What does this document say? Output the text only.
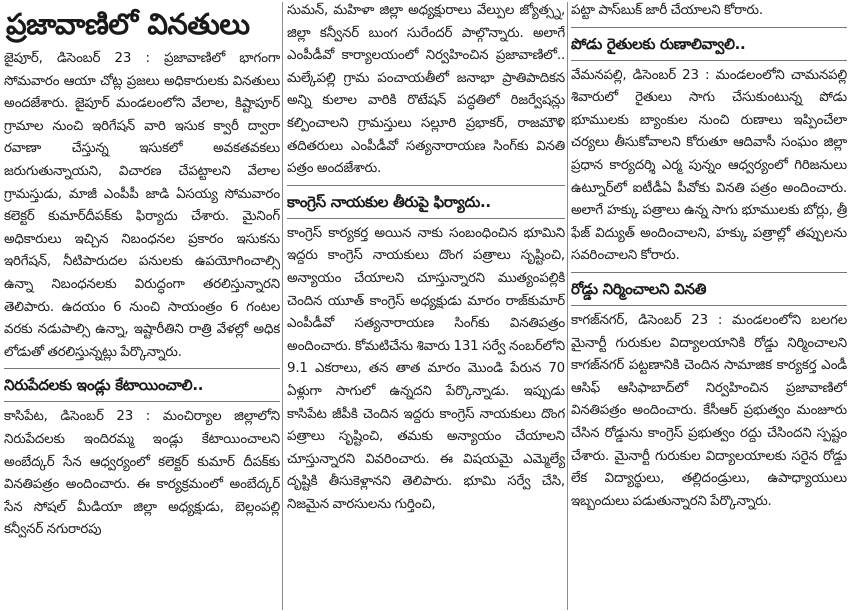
ప్రజావాణిలో వినతులు

జైపూర్‌, డిసెంబర్‌ 23 : ప్రజావాణిలో భాగంగా సోమవారం ఆయా చోట్ల ప్రజలు అధికారులకు వినతులు అందజేశారు. జైపూర్‌ మండలంలోని వేలాల, కిష్టాపూర్‌ గ్రామాల నుంచి ఇరిగేషన్‌ వారి ఇసుక క్వారీ ద్వారా రవాణా చేస్తున్న ఇసుకలో అవకతవకలు జరుగుతున్నాయని, విచారణ చేపట్టాలని వేలాల గ్రామస్తుడు, మాజీ ఎంపీపీ జాడి ఏసయ్య సోమవారం కలెక్టర్‌ కుమార్‌దీపక్‌కు ఫిర్యాదు చేశారు. మైనింగ్‌ అధికారులు ఇచ్చిన నిబంధనల ప్రకారం ఇసుకను ఇరిగేషన్‌, నీటిపారుదల పనులకు ఉపయోగించాల్సి ఉన్నా నిబంధనలకు విరుద్ధంగా తరలిస్తున్నారని తెలిపారు. ఉదయం 6 నుంచి సాయంత్రం 6 గంటల వరకు నడుపాల్సి ఉన్నా, ఇష్టారీతిని రాత్రి వేళల్లో అధిక లోడుతో తరలిస్తున్నట్లు పేర్కొన్నారు.

నిరుపేదలకు ఇండ్లు కేటాయించాలి..

కాసిపేట, డిసెంబర్‌ 23 : మంచిర్యాల జిల్లాలోని నిరుపేదలకు ఇందిరమ్మ ఇండ్లు కేటాయించాలని అంబేద్కర్‌ సేన ఆధ్వర్యంలో కలెక్టర్‌ కుమార్‌ దీపక్‌కు వినతిపత్రం అందించారు. ఈ కార్యక్రమంలో అంబేద్కర్‌ సేన సోషల్‌ మీడియా జిల్లా అధ్యక్షుడు, బెల్లంపల్లి కన్వీనర్‌ నగురారపు

సుమన్‌, మహిళా జిల్లా అధ్యక్షురాలు వేల్పుల జ్యోత్స్న, జిల్లా కన్వీనర్‌ బుంగ సురేందర్‌ పాల్గొన్నారు. అలాగే ఎంపీడీవో కార్యాలయంలో నిర్వహించిన ప్రజావాణిలో.. మల్కేపల్లి గ్రామ పంచాయతీలో జనాభా ప్రాతిపాదికన అన్ని కులాల వారికి రొటేషన్‌ పద్ధతిలో రిజర్వేషన్లు కల్పించాలని గ్రామస్తులు సల్లూరి ప్రభాకర్‌, రాజమౌళి తదితరులు ఎంపీడీవో సత్యనారాయణ సింగ్‌కు వినతి పత్రం అందజేశారు.

కాంగ్రెస్‌ నాయకుల తీరుపై ఫిర్యాదు..

కాంగ్రెస్‌ కార్యకర్త అయిన నాకు సంబంధించిన భూమిని ఇద్దరు కాంగ్రెస్‌ నాయకులు దొంగ పత్రాలు సృష్టించి, అన్యాయం చేయాలని చూస్తున్నారని ముత్యంపల్లికి చెందిన యూత్‌ కాంగ్రెస్‌ అధ్యక్షుడు మారం రాజ్‌కుమార్‌ ఎంపీడీవో సత్యనారాయణ సింగ్‌కు వినతిపత్రం అందించారు. కోమటిచేను శివారు 131 సర్వే నంబర్‌లోని 9.1 ఎకరాలు, తన తాత మారం మొండి పేరున 70 ఏళ్లుగా సాగులో ఉన్నదని పేర్కొన్నాడు. ఇప్పుడు కాసిపేట జీపీకి చెందిన ఇద్దరు కాంగ్రెస్‌ నాయకులు దొంగ పత్రాలు సృష్టించి, తమకు అన్యాయం చేయాలని చూస్తున్నారని వివరించారు. ఈ విషయమై ఎమ్మెల్యే దృష్టికి తీసుకెళ్లానని తెలిపారు. భూమి సర్వే చేసి, నిజమైన వారసులను గుర్తించి,

పట్టా పాస్‌బుక్‌ జారీ చేయాలని కోరారు.

పోడు రైతులకు రుణాలివ్వాలి..

వేమనపల్లి, డిసెంబర్‌ 23 : మండలంలోని చామనపల్లి శివారులో రైతులు సాగు చేసుకుంటున్న పోడు భూములకు బ్యాంకుల నుంచి రుణాలు ఇప్పించేలా చర్యలు తీసుకోవాలని కోరుతూ ఆదివాసీ సంఘం జిల్లా ప్రధాన కార్యదర్శి ఎర్మ పున్నం ఆధ్వర్యంలో గిరిజనులు ఉట్నూర్‌లో ఐటీడీఏ పీవోకు వినతి పత్రం అందించారు. అలాగే హక్కు పత్రాలు ఉన్న సాగు భూములకు బోర్లు, త్రీ ఫేజ్‌ విద్యుత్‌ అందించాలని, హక్కు పత్రాల్లో తప్పులను సవరించాలని కోరారు.

రోడ్డు నిర్మించాలని వినతి

కాగజ్‌నగర్‌, డిసెంబర్‌ 23 : మండలంలోని బలగల మైనార్టీ గురుకుల విద్యాలయానికి రోడ్డు నిర్మించాలని కాగజ్‌నగర్‌ పట్టణానికి చెందిన సామాజిక కార్యకర్త ఎండీ ఆసిఫ్‌ ఆసిఫాబాద్‌లో నిర్వహించిన ప్రజావాణిలో వినతిపత్రం అందించారు. కేసీఆర్‌ ప్రభుత్వం మంజూరు చేసిన రోడ్డును కాంగ్రెస్‌ ప్రభుత్వం రద్దు చేసిందని స్పష్టం చేశారు. మైనార్టీ గురుకుల విద్యాలయాలకు సరైన రోడ్డు లేక విద్యార్థులు, తల్లిదండ్రులు, ఉపాధ్యాయులు ఇబ్బందులు పడుతున్నారని పేర్కొన్నారు.
